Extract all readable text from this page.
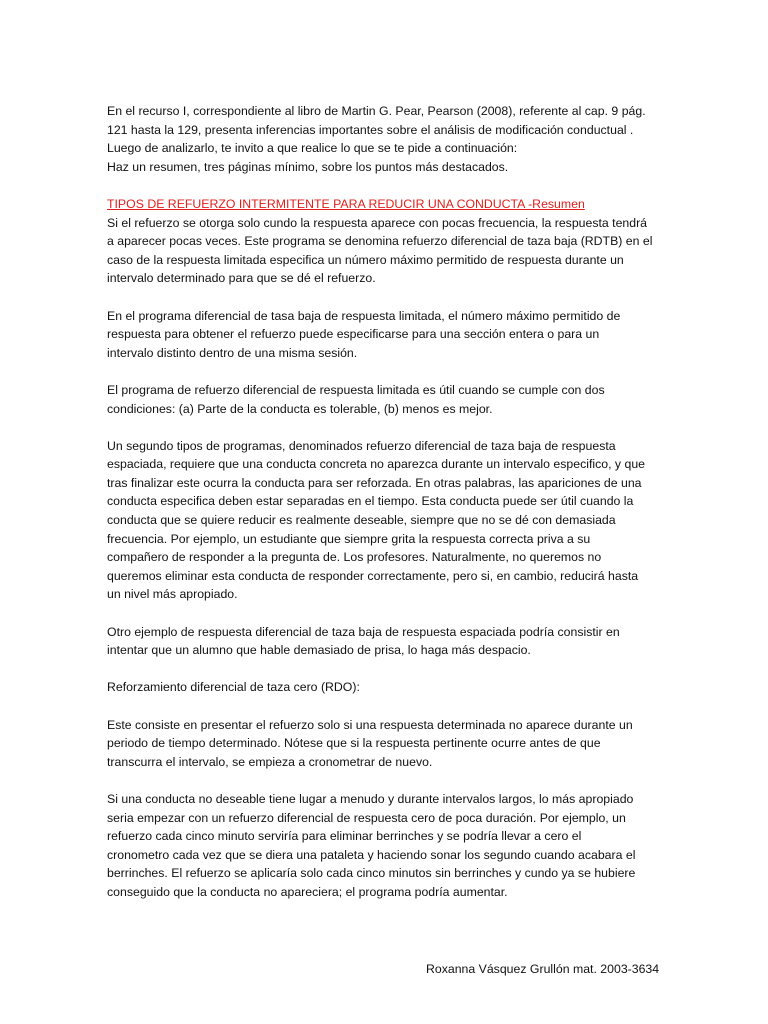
En el recurso I, correspondiente al libro de Martin G. Pear, Pearson (2008), referente al cap. 9 pág.

121 hasta la 129, presenta inferencias importantes sobre el análisis de modificación conductual .

Luego de analizarlo, te invito a que realice lo que se te pide a continuación:

Haz un resumen, tres páginas mínimo, sobre los puntos más destacados.

TIPOS DE REFUERZO INTERMITENTE PARA REDUCIR UNA CONDUCTA -Resumen

Si el refuerzo se otorga solo cundo la respuesta aparece con pocas frecuencia, la respuesta tendrá

a aparecer pocas veces. Este programa se denomina refuerzo diferencial de taza baja (RDTB) en el

caso de la respuesta limitada especifica un número máximo permitido de respuesta durante un

intervalo determinado para que se dé el refuerzo.

En el programa diferencial de tasa baja de respuesta limitada, el número máximo permitido de

respuesta para obtener el refuerzo puede especificarse para una sección entera o para un

intervalo distinto dentro de una misma sesión.

El programa de refuerzo diferencial de respuesta limitada es útil cuando se cumple con dos

condiciones: (a) Parte de la conducta es tolerable, (b) menos es mejor.

Un segundo tipos de programas, denominados refuerzo diferencial de taza baja de respuesta

espaciada, requiere que una conducta concreta no aparezca durante un intervalo especifico, y que

tras finalizar este ocurra la conducta para ser reforzada. En otras palabras, las apariciones de una

conducta especifica deben estar separadas en el tiempo. Esta conducta puede ser útil cuando la

conducta que se quiere reducir es realmente deseable, siempre que no se dé con demasiada

frecuencia. Por ejemplo, un estudiante que siempre grita la respuesta correcta priva a su

compañero de responder a la pregunta de. Los profesores. Naturalmente, no queremos no

queremos eliminar esta conducta de responder correctamente, pero si, en cambio, reducirá hasta

un nivel más apropiado.

Otro ejemplo de respuesta diferencial de taza baja de respuesta espaciada podría consistir en

intentar que un alumno que hable demasiado de prisa, lo haga más despacio.

Reforzamiento diferencial de taza cero (RDO):

Este consiste en presentar el refuerzo solo si una respuesta determinada no aparece durante un

periodo de tiempo determinado. Nótese que si la respuesta pertinente ocurre antes de que

transcurra el intervalo, se empieza a cronometrar de nuevo.

Si una conducta no deseable tiene lugar a menudo y durante intervalos largos, lo más apropiado

seria empezar con un refuerzo diferencial de respuesta cero de poca duración. Por ejemplo, un

refuerzo cada cinco minuto serviría para eliminar berrinches y se podría llevar a cero el

cronometro cada vez que se diera una pataleta y haciendo sonar los segundo cuando acabara el

berrinches. El refuerzo se aplicaría solo cada cinco minutos sin berrinches y cundo ya se hubiere

conseguido que la conducta no apareciera; el programa podría aumentar.

Roxanna Vásquez Grullón mat. 2003-3634
